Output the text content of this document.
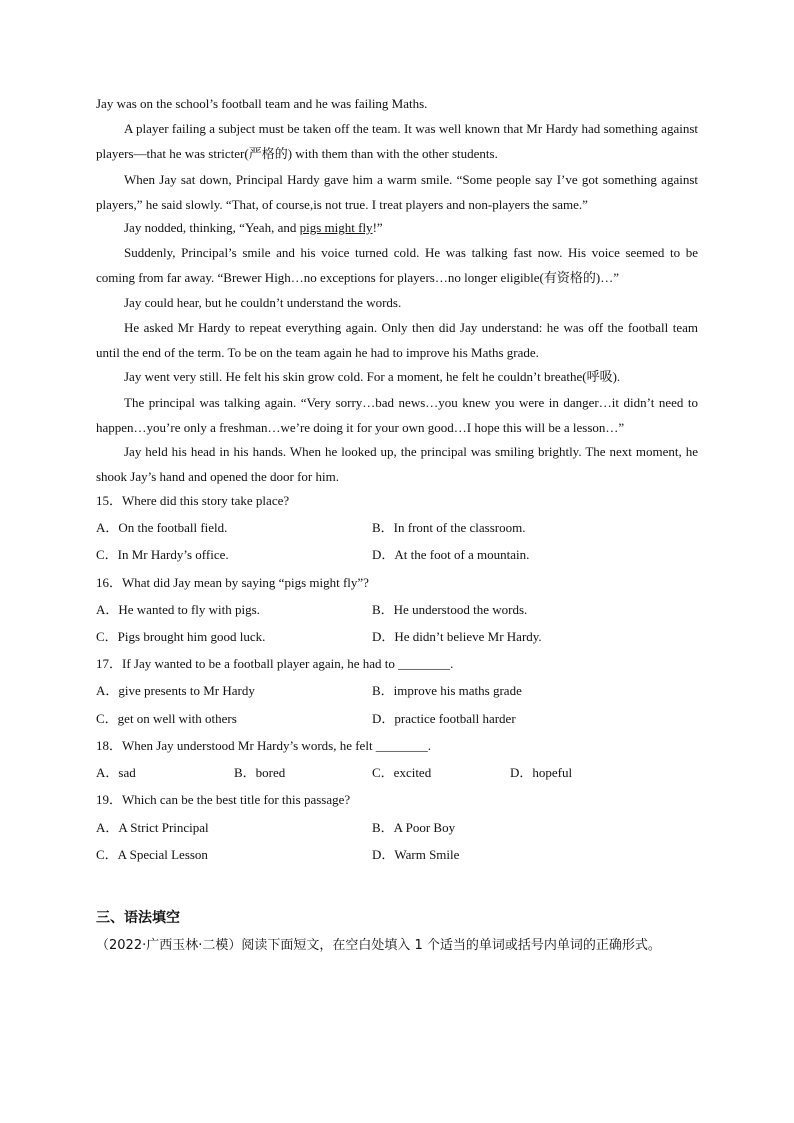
Jay was on the school’s football team and he was failing Maths.
A player failing a subject must be taken off the team. It was well known that Mr Hardy had something against players—that he was stricter(严格的) with them than with the other students.
When Jay sat down, Principal Hardy gave him a warm smile. “Some people say I’ve got something against players,” he said slowly. “That, of course,is not true. I treat players and non-players the same.”
Jay nodded, thinking, “Yeah, and pigs might fly!”
Suddenly, Principal’s smile and his voice turned cold. He was talking fast now. His voice seemed to be coming from far away. “Brewer High…no exceptions for players…no longer eligible(有资格的)…”
Jay could hear, but he couldn’t understand the words.
He asked Mr Hardy to repeat everything again. Only then did Jay understand: he was off the football team until the end of the term. To be on the team again he had to improve his Maths grade.
Jay went very still. He felt his skin grow cold. For a moment, he felt he couldn’t breathe(呼吸).
The principal was talking again. “Very sorry…bad news…you knew you were in danger…it didn’t need to happen…you’re only a freshman…we’re doing it for your own good…I hope this will be a lesson…”
Jay held his head in his hands. When he looked up, the principal was smiling brightly. The next moment, he shook Jay’s hand and opened the door for him.
15．Where did this story take place?
A．On the football field.	B．In front of the classroom.
C．In Mr Hardy’s office.	D．At the foot of a mountain.
16．What did Jay mean by saying “pigs might fly”?
A．He wanted to fly with pigs.	B．He understood the words.
C．Pigs brought him good luck.	D．He didn’t believe Mr Hardy.
17．If Jay wanted to be a football player again, he had to ________.
A．give presents to Mr Hardy	B．improve his maths grade
C．get on well with others	D．practice football harder
18．When Jay understood Mr Hardy’s words, he felt ________.
A．sad	B．bored	C．excited	D．hopeful
19．Which can be the best title for this passage?
A．A Strict Principal	B．A Poor Boy
C．A Special Lesson	D．Warm Smile
三、语法填空
（2022·广西玉林·二模）阅读下面短文，在空白处填入 1 个适当的单词或括号内单词的正确形式。
